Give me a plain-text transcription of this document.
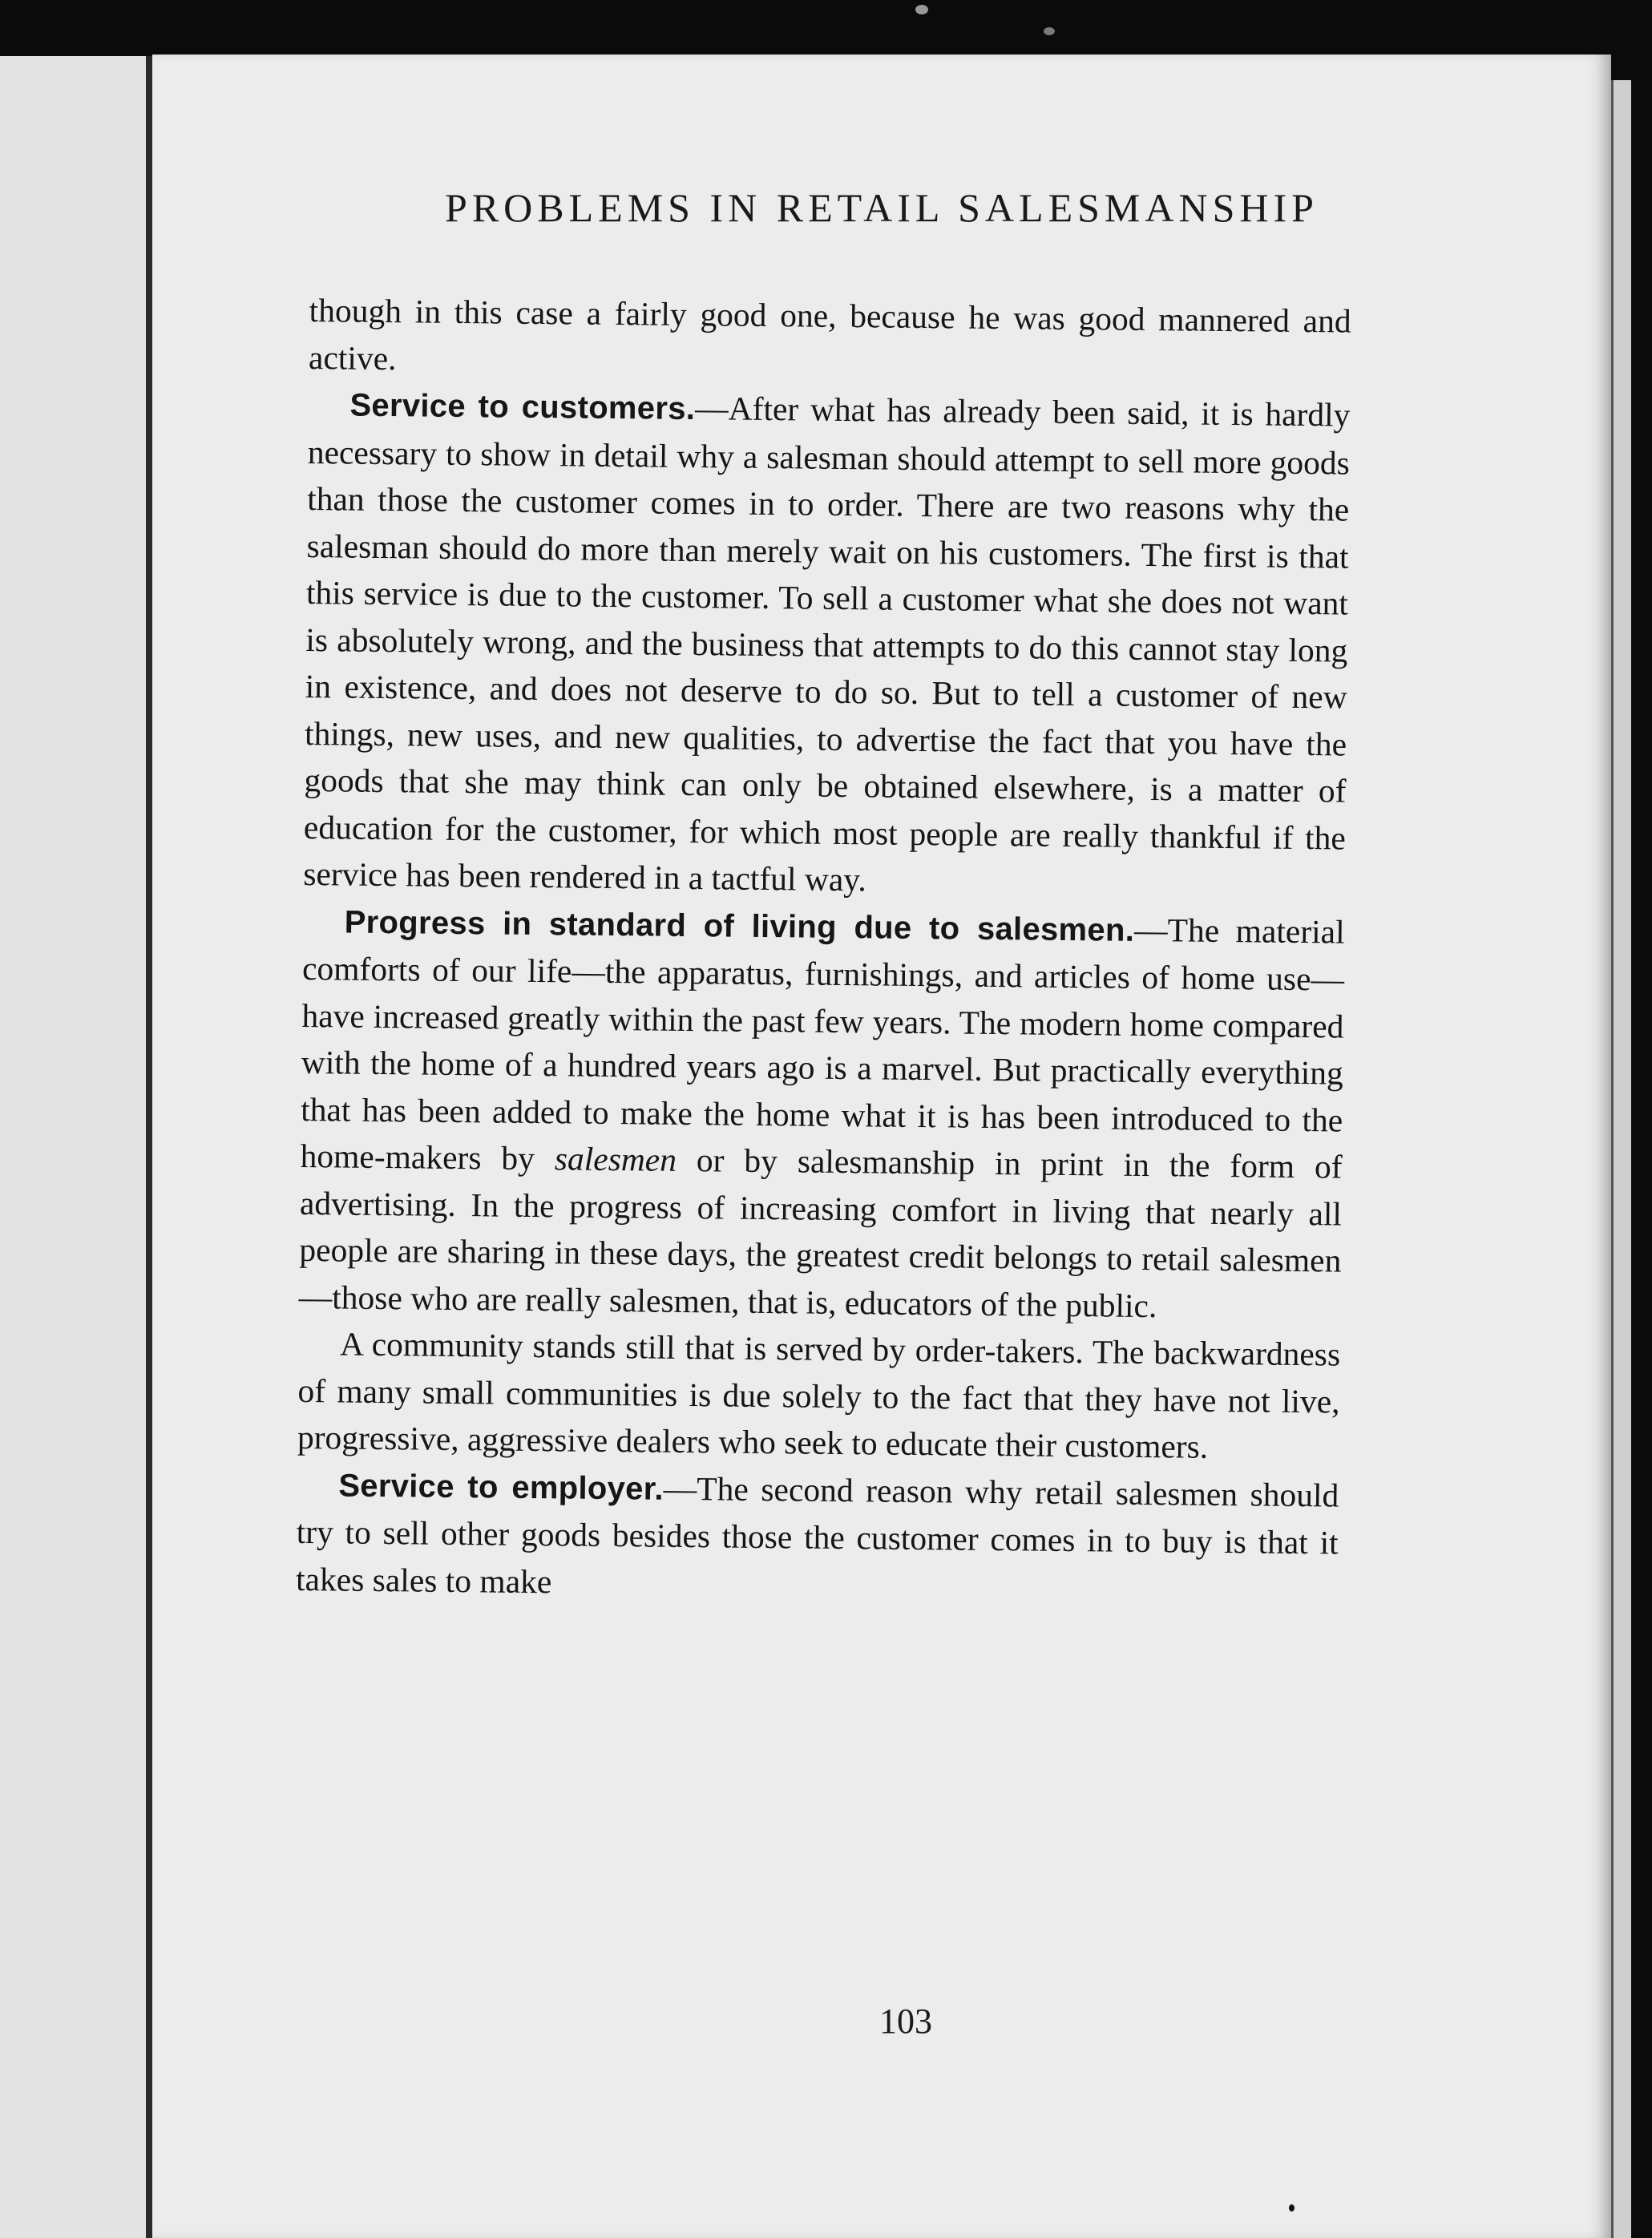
PROBLEMS IN RETAIL SALESMANSHIP

though in this case a fairly good one, because he was good mannered and active.

Service to customers.—After what has already been said, it is hardly necessary to show in detail why a salesman should attempt to sell more goods than those the customer comes in to order. There are two reasons why the salesman should do more than merely wait on his customers. The first is that this service is due to the customer. To sell a customer what she does not want is absolutely wrong, and the business that attempts to do this cannot stay long in existence, and does not deserve to do so. But to tell a customer of new things, new uses, and new qualities, to advertise the fact that you have the goods that she may think can only be obtained elsewhere, is a matter of education for the customer, for which most people are really thankful if the service has been rendered in a tactful way.

Progress in standard of living due to salesmen.—The material comforts of our life—the apparatus, furnishings, and articles of home use—have increased greatly within the past few years. The modern home compared with the home of a hundred years ago is a marvel. But practically everything that has been added to make the home what it is has been introduced to the home-makers by salesmen or by salesmanship in print in the form of advertising. In the progress of increasing comfort in living that nearly all people are sharing in these days, the greatest credit belongs to retail salesmen—those who are really salesmen, that is, educators of the public.

A community stands still that is served by order-takers. The backwardness of many small communities is due solely to the fact that they have not live, progressive, aggressive dealers who seek to educate their customers.

Service to employer.—The second reason why retail salesmen should try to sell other goods besides those the customer comes in to buy is that it takes sales to make

103
